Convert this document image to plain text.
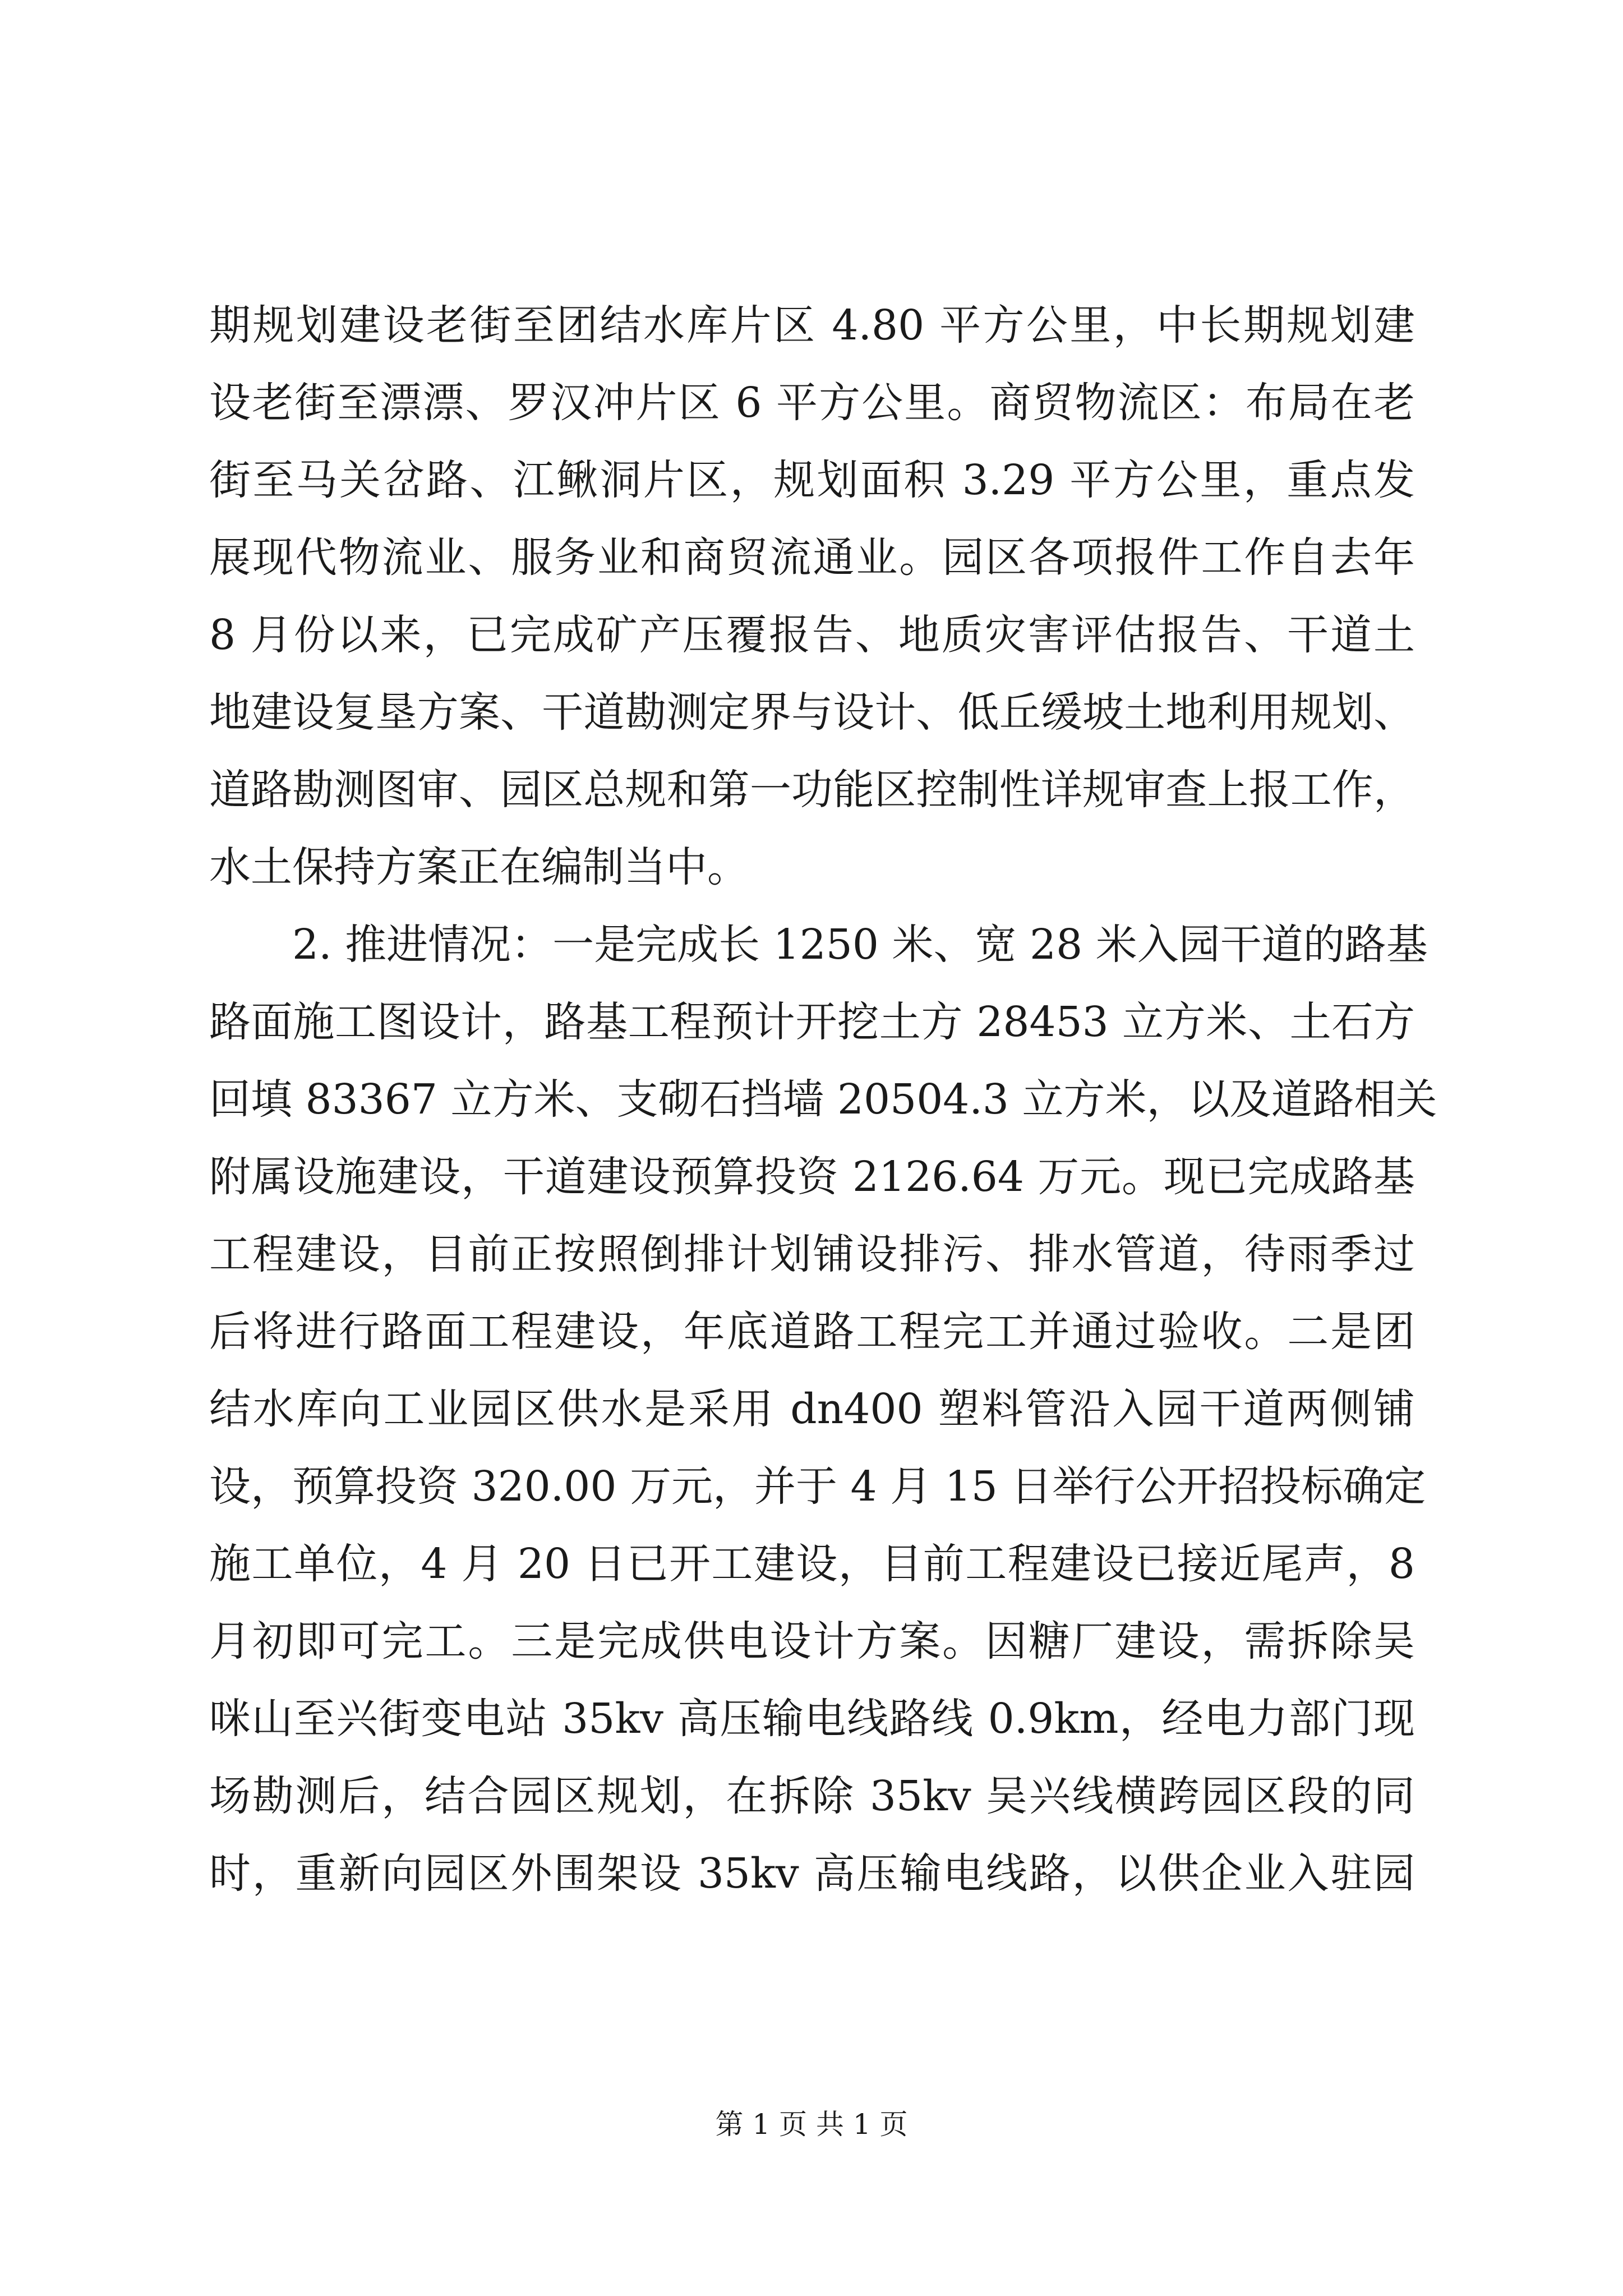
期规划建设老街至团结水库片区 4.80 平方公里，中长期规划建
设老街至漂漂、罗汉冲片区 6 平方公里。商贸物流区：布局在老
街至马关岔路、江鳅洞片区，规划面积 3.29 平方公里，重点发
展现代物流业、服务业和商贸流通业。园区各项报件工作自去年
8 月份以来，已完成矿产压覆报告、地质灾害评估报告、干道土
地建设复垦方案、干道勘测定界与设计、低丘缓坡土地利用规划、
道路勘测图审、园区总规和第一功能区控制性详规审查上报工作，
水土保持方案正在编制当中。
2. 推进情况：一是完成长 1250 米、宽 28 米入园干道的路基
路面施工图设计，路基工程预计开挖土方 28453 立方米、土石方
回填 83367 立方米、支砌石挡墙 20504.3 立方米，以及道路相关
附属设施建设，干道建设预算投资 2126.64 万元。现已完成路基
工程建设，目前正按照倒排计划铺设排污、排水管道，待雨季过
后将进行路面工程建设，年底道路工程完工并通过验收。二是团
结水库向工业园区供水是采用 dn400 塑料管沿入园干道两侧铺
设，预算投资 320.00 万元，并于 4 月 15 日举行公开招投标确定
施工单位，4 月 20 日已开工建设，目前工程建设已接近尾声，8
月初即可完工。三是完成供电设计方案。因糖厂建设，需拆除吴
咪山至兴街变电站 35kv 高压输电线路线 0.9km，经电力部门现
场勘测后，结合园区规划，在拆除 35kv 吴兴线横跨园区段的同
时，重新向园区外围架设 35kv 高压输电线路，以供企业入驻园
第 1 页 共 1 页
